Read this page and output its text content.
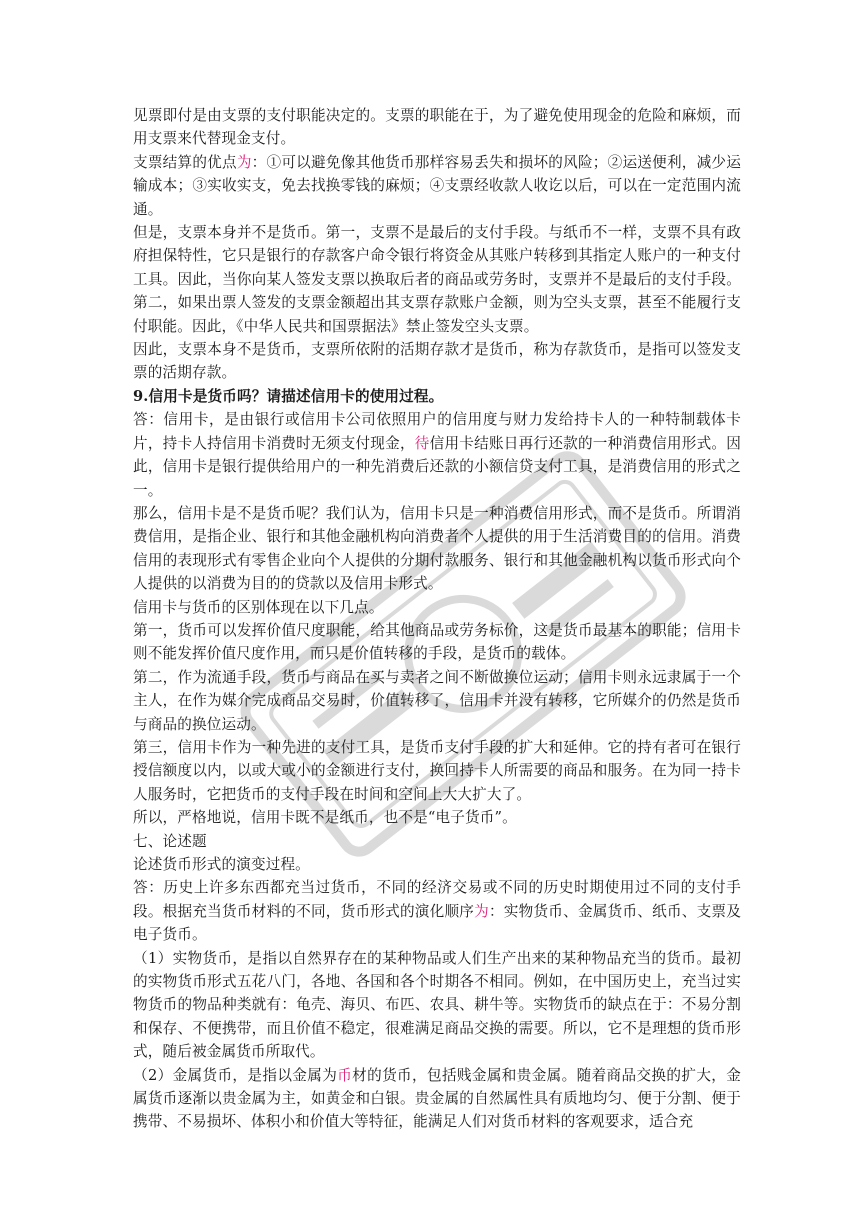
见票即付是由支票的支付职能决定的。支票的职能在于，为了避免使用现金的危险和麻烦，而用支票来代替现金支付。

支票结算的优点为：①可以避免像其他货币那样容易丢失和损坏的风险；②运送便利，减少运输成本；③实收实支，免去找换零钱的麻烦；④支票经收款人收讫以后，可以在一定范围内流通。

但是，支票本身并不是货币。第一，支票不是最后的支付手段。与纸币不一样，支票不具有政府担保特性，它只是银行的存款客户命令银行将资金从其账户转移到其指定人账户的一种支付工具。因此，当你向某人签发支票以换取后者的商品或劳务时，支票并不是最后的支付手段。第二，如果出票人签发的支票金额超出其支票存款账户金额，则为空头支票，甚至不能履行支付职能。因此，《中华人民共和国票据法》禁止签发空头支票。

因此，支票本身不是货币，支票所依附的活期存款才是货币，称为存款货币，是指可以签发支票的活期存款。

9.信用卡是货币吗？请描述信用卡的使用过程。

答：信用卡，是由银行或信用卡公司依照用户的信用度与财力发给持卡人的一种特制载体卡片，持卡人持信用卡消费时无须支付现金，待信用卡结账日再行还款的一种消费信用形式。因此，信用卡是银行提供给用户的一种先消费后还款的小额信贷支付工具，是消费信用的形式之一。

那么，信用卡是不是货币呢？我们认为，信用卡只是一种消费信用形式，而不是货币。所谓消费信用，是指企业、银行和其他金融机构向消费者个人提供的用于生活消费目的的信用。消费信用的表现形式有零售企业向个人提供的分期付款服务、银行和其他金融机构以货币形式向个人提供的以消费为目的的贷款以及信用卡形式。

信用卡与货币的区别体现在以下几点。

第一，货币可以发挥价值尺度职能，给其他商品或劳务标价，这是货币最基本的职能；信用卡则不能发挥价值尺度作用，而只是价值转移的手段，是货币的载体。

第二，作为流通手段，货币与商品在买与卖者之间不断做换位运动；信用卡则永远隶属于一个主人，在作为媒介完成商品交易时，价值转移了，信用卡并没有转移，它所媒介的仍然是货币与商品的换位运动。

第三，信用卡作为一种先进的支付工具，是货币支付手段的扩大和延伸。它的持有者可在银行授信额度以内，以或大或小的金额进行支付，换回持卡人所需要的商品和服务。在为同一持卡人服务时，它把货币的支付手段在时间和空间上大大扩大了。

所以，严格地说，信用卡既不是纸币，也不是“电子货币”。

七、论述题

论述货币形式的演变过程。

答：历史上许多东西都充当过货币，不同的经济交易或不同的历史时期使用过不同的支付手段。根据充当货币材料的不同，货币形式的演化顺序为：实物货币、金属货币、纸币、支票及电子货币。

（1）实物货币，是指以自然界存在的某种物品或人们生产出来的某种物品充当的货币。最初的实物货币形式五花八门，各地、各国和各个时期各不相同。例如，在中国历史上，充当过实物货币的物品种类就有：龟壳、海贝、布匹、农具、耕牛等。实物货币的缺点在于：不易分割和保存、不便携带，而且价值不稳定，很难满足商品交换的需要。所以，它不是理想的货币形式，随后被金属货币所取代。

（2）金属货币，是指以金属为币材的货币，包括贱金属和贵金属。随着商品交换的扩大，金属货币逐渐以贵金属为主，如黄金和白银。贵金属的自然属性具有质地均匀、便于分割、便于携带、不易损坏、体积小和价值大等特征，能满足人们对货币材料的客观要求，适合充
